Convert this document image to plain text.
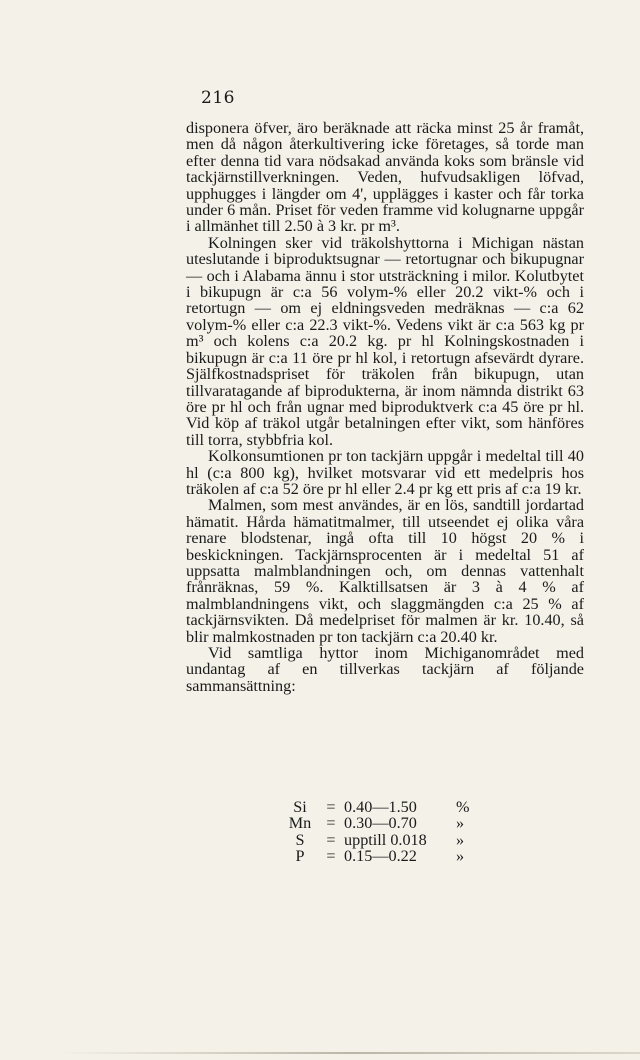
216

disponera öfver, äro beräknade att räcka minst 25 år framåt, men då någon återkultivering icke företages, så torde man efter denna tid vara nödsakad använda koks som bränsle vid tackjärnstillverkningen. Veden, hufvudsakligen löfvad, upphugges i längder om 4', upplägges i kaster och får torka under 6 mån. Priset för veden framme vid kolugnarne uppgår i allmänhet till 2.50 à 3 kr. pr m³.

Kolningen sker vid träkolshyttorna i Michigan nästan uteslutande i biproduktsugnar — retortugnar och bikupugnar — och i Alabama ännu i stor utsträckning i milor. Kolutbytet i bikupugn är c:a 56 volym-% eller 20.2 vikt-% och i retortugn — om ej eldningsveden medräknas — c:a 62 volym-% eller c:a 22.3 vikt-%. Vedens vikt är c:a 563 kg pr m³ och kolens c:a 20.2 kg. pr hl Kolningskostnaden i bikupugn är c:a 11 öre pr hl kol, i retortugn afsevärdt dyrare. Själfkostnadspriset för träkolen från bikupugn, utan tillvaratagande af biprodukterna, är inom nämnda distrikt 63 öre pr hl och från ugnar med biproduktverk c:a 45 öre pr hl. Vid köp af träkol utgår betalningen efter vikt, som hänföres till torra, stybbfria kol.

Kolkonsumtionen pr ton tackjärn uppgår i medeltal till 40 hl (c:a 800 kg), hvilket motsvarar vid ett medelpris hos träkolen af c:a 52 öre pr hl eller 2.4 pr kg ett pris af c:a 19 kr.

Malmen, som mest användes, är en lös, sandtill jordartad hämatit. Hårda hämatitmalmer, till utseendet ej olika våra renare blodstenar, ingå ofta till 10 högst 20 % i beskickningen. Tackjärnsprocenten är i medeltal 51 af uppsatta malmblandningen och, om dennas vattenhalt frånräknas, 59 %. Kalktillsatsen är 3 à 4 % af malmblandningens vikt, och slaggmängden c:a 25 % af tackjärnsvikten. Då medelpriset för malmen är kr. 10.40, så blir malmkostnaden pr ton tackjärn c:a 20.40 kr.

Vid samtliga hyttor inom Michiganområdet med undantag af en tillverkas tackjärn af följande sammansättning:

Si	=	0.40—1.50	%
Mn	=	0.30—0.70	»
S	=	upptill 0.018	»
P	=	0.15—0.22	»
